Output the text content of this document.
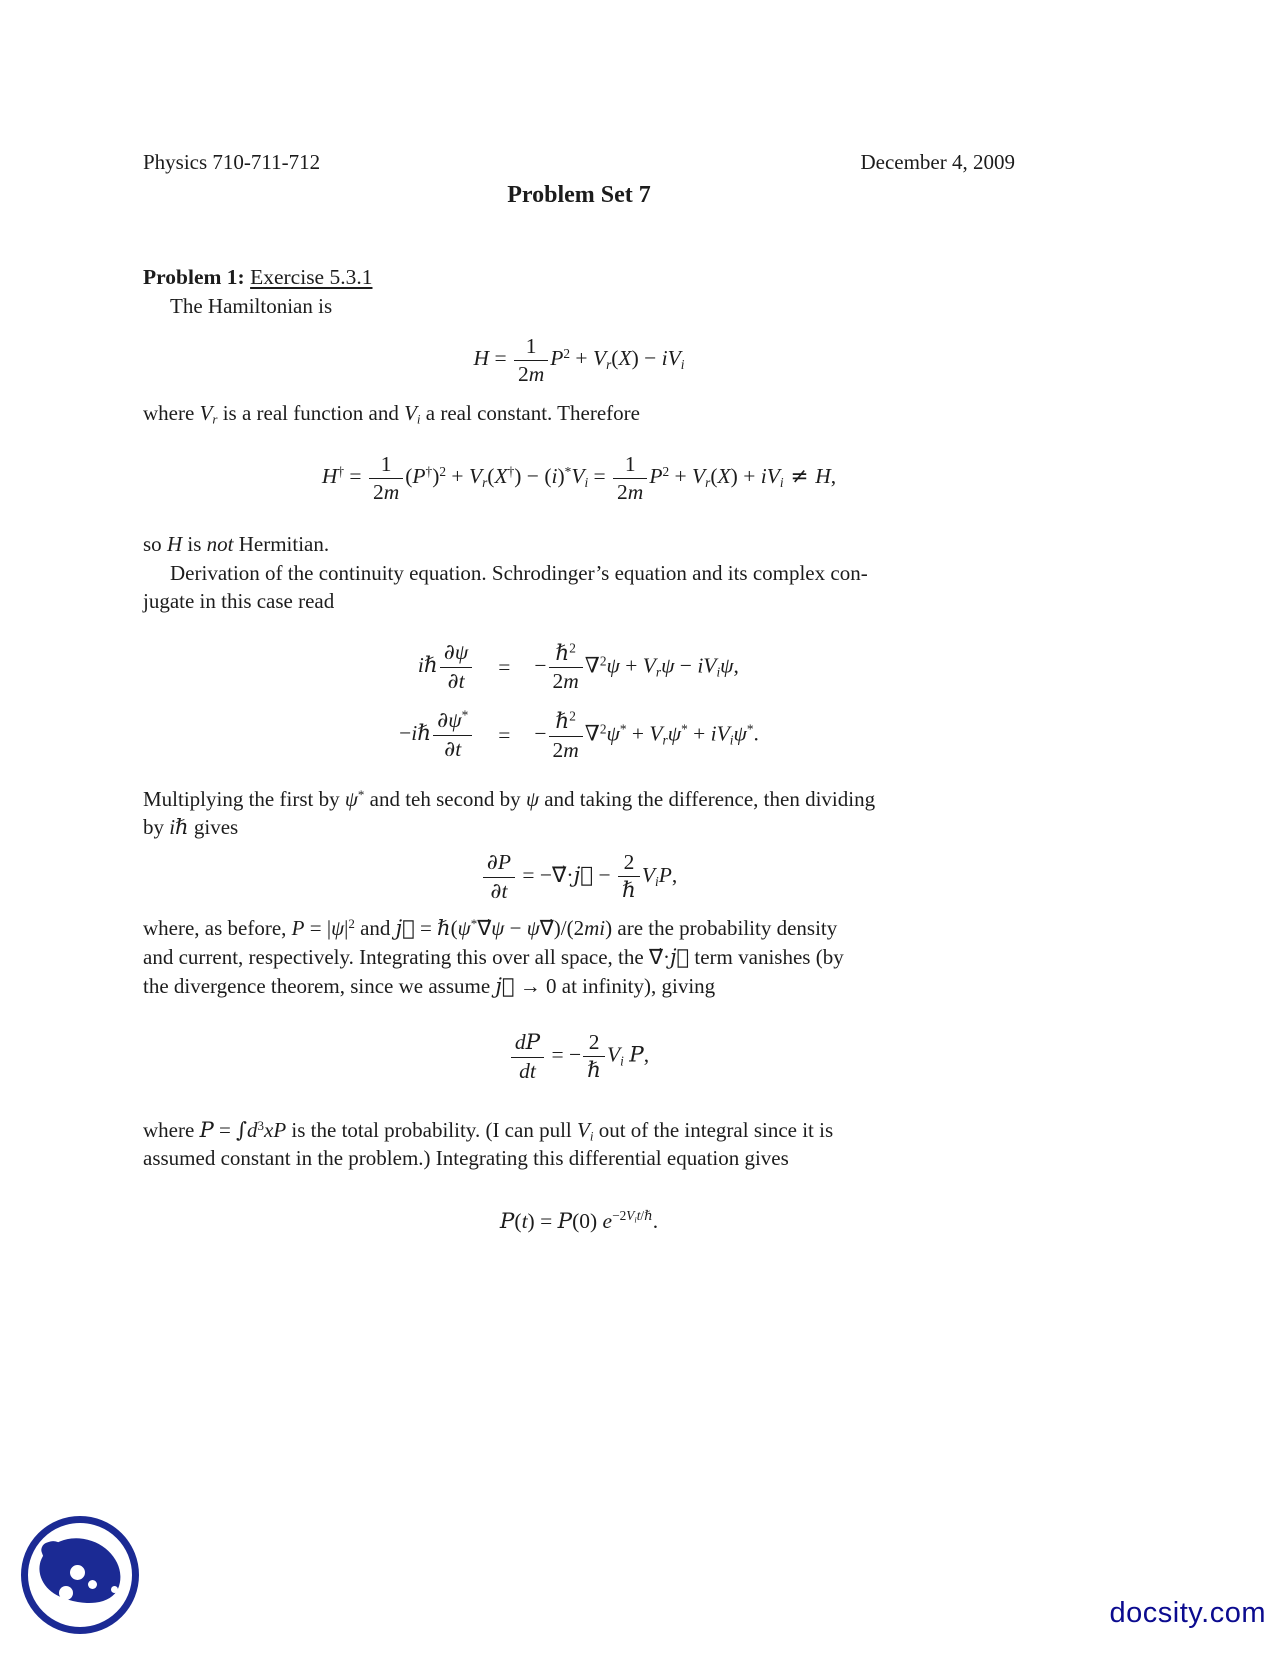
Physics 710-711-712	December 4, 2009
Problem Set 7
Problem 1: Exercise 5.3.1
The Hamiltonian is
$H = \frac{1}{2m} P^2 + V_r(X) - iV_i$
where $V_r$ is a real function and $V_i$ a real constant. Therefore
$H^\dagger = \frac{1}{2m} (P^\dagger)^2 + V_r(X^\dagger) - (i)^*V_i = \frac{1}{2m} P^2 + V_r(X) + iV_i \ne H$,
so H is not Hermitian.
Derivation of the continuity equation. Schrodinger’s equation and its complex con-
jugate in this case read
iℏ $\frac{\partial\psi}{\partial t}$ = − $\frac{\hbar^2}{2m} \nabla^2\psi + V_r\psi - iV_i\psi$,
−iℏ $\frac{\partial\psi^*}{\partial t}$ = − $\frac{\hbar^2}{2m} \nabla^2\psi^* + V_r\psi^* + iV_i\psi^*$.
Multiplying the first by ψ* and teh second by ψ and taking the difference, then dividing
by iℏ gives
$\frac{\partial P}{\partial t}$ = −∇⃗·j⃗ − $\frac{2}{\text{ℏ}} V_iP$,
where, as before, $P = |\psi|^2$ and j⃗ = ℏ(ψ*∇⃗ψ − ψ∇⃗)/(2mi) are the probability density
and current, respectively. Integrating this over all space, the ∇⃗·j⃗ term vanishes (by
the divergence theorem, since we assume j⃗ → 0 at infinity), giving
$\frac{dP}{dt}$ = − $\frac{2}{\text{ℏ}} V_i$ P,
where $P = \int d^3xP$ is the total probability. (I can pull $V_i$ out of the integral since it is
assumed constant in the problem.) Integrating this differential equation gives
P(t) = P(0) $e^{-2V_it/\hbar}$.
docsity.com
